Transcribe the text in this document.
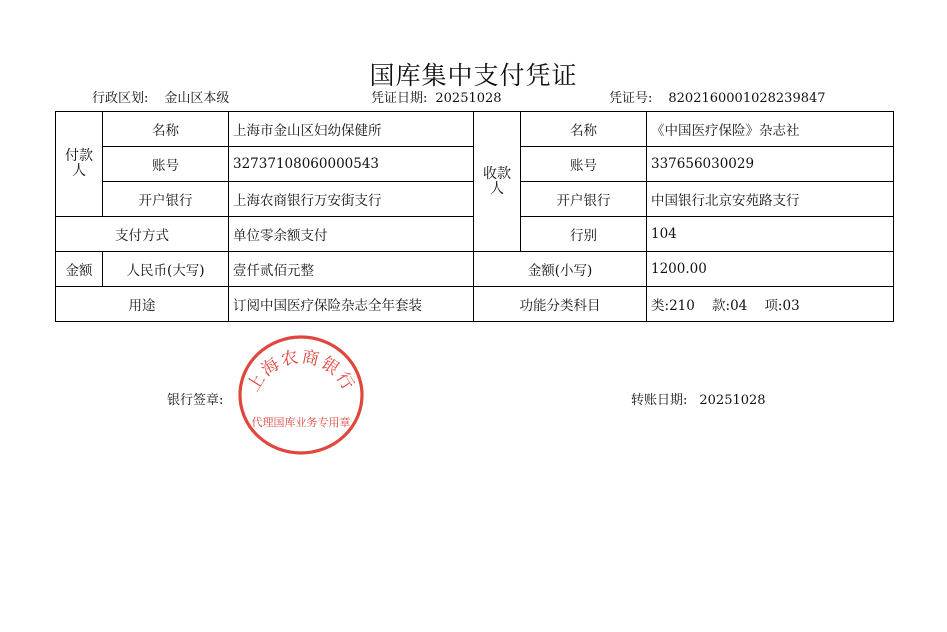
国库集中支付凭证
行政区划: 金山区本级	凭证日期: 20251028	凭证号: 8202160001028239847
付款人	名称	上海市金山区妇幼保健所	收款人	名称	《中国医疗保险》杂志社
	账号	32737108060000543		账号	337656030029
	开户银行	上海农商银行万安街支行		开户银行	中国银行北京安苑路支行
支付方式		单位零余额支付		行别	104
金额	人民币(大写)	壹仟贰佰元整	金额(小写)		1200.00
用途		订阅中国医疗保险杂志全年套装	功能分类科目		类:210 款:04 项:03
上海农商银行
代理国库业务专用章
银行签章:	转账日期: 20251028
